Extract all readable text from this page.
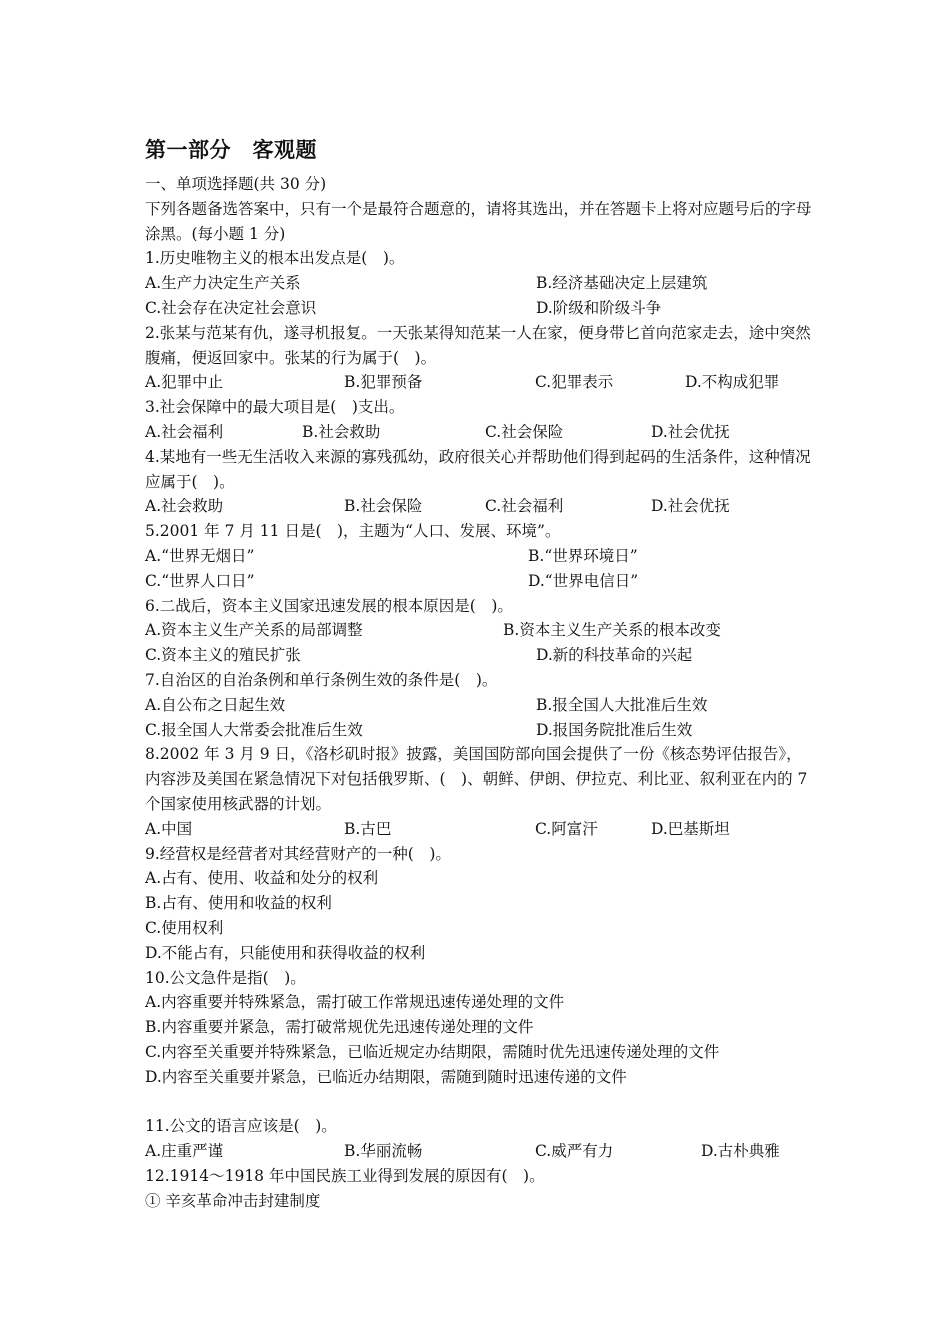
第一部分　客观题

一、单项选择题(共 30 分)

下列各题备选答案中，只有一个是最符合题意的，请将其选出，并在答题卡上将对应题号后的字母涂黑。(每小题 1 分)

1.历史唯物主义的根本出发点是(　)。

A.生产力决定生产关系	B.经济基础决定上层建筑
C.社会存在决定社会意识	D.阶级和阶级斗争

2.张某与范某有仇，遂寻机报复。一天张某得知范某一人在家，便身带匕首向范家走去，途中突然腹痛，便返回家中。张某的行为属于(　)。

A.犯罪中止	B.犯罪预备	C.犯罪表示	D.不构成犯罪

3.社会保障中的最大项目是(　)支出。

A.社会福利	B.社会救助	C.社会保险	D.社会优抚

4.某地有一些无生活收入来源的寡残孤幼，政府很关心并帮助他们得到起码的生活条件，这种情况应属于(　)。

A.社会救助	B.社会保险	C.社会福利	D.社会优抚

5.2001 年 7 月 11 日是(　)，主题为“人口、发展、环境”。

A.“世界无烟日”	B.“世界环境日”
C.“世界人口日”	D.“世界电信日”

6.二战后，资本主义国家迅速发展的根本原因是(　)。

A.资本主义生产关系的局部调整	B.资本主义生产关系的根本改变
C.资本主义的殖民扩张	D.新的科技革命的兴起

7.自治区的自治条例和单行条例生效的条件是(　)。

A.自公布之日起生效	B.报全国人大批准后生效
C.报全国人大常委会批准后生效	D.报国务院批准后生效

8.2002 年 3 月 9 日，《洛杉矶时报》披露，美国国防部向国会提供了一份《核态势评估报告》，内容涉及美国在紧急情况下对包括俄罗斯、(　)、朝鲜、伊朗、伊拉克、利比亚、叙利亚在内的 7 个国家使用核武器的计划。

A.中国	B.古巴	C.阿富汗	D.巴基斯坦

9.经营权是经营者对其经营财产的一种(　)。

A.占有、使用、收益和处分的权利

B.占有、使用和收益的权利

C.使用权利

D.不能占有，只能使用和获得收益的权利

10.公文急件是指(　)。

A.内容重要并特殊紧急，需打破工作常规迅速传递处理的文件

B.内容重要并紧急，需打破常规优先迅速传递处理的文件

C.内容至关重要并特殊紧急，已临近规定办结期限，需随时优先迅速传递处理的文件

D.内容至关重要并紧急，已临近办结期限，需随到随时迅速传递的文件

11.公文的语言应该是(　)。

A.庄重严谨	B.华丽流畅	C.威严有力	D.古朴典雅

12.1914～1918 年中国民族工业得到发展的原因有(　)。

① 辛亥革命冲击封建制度
